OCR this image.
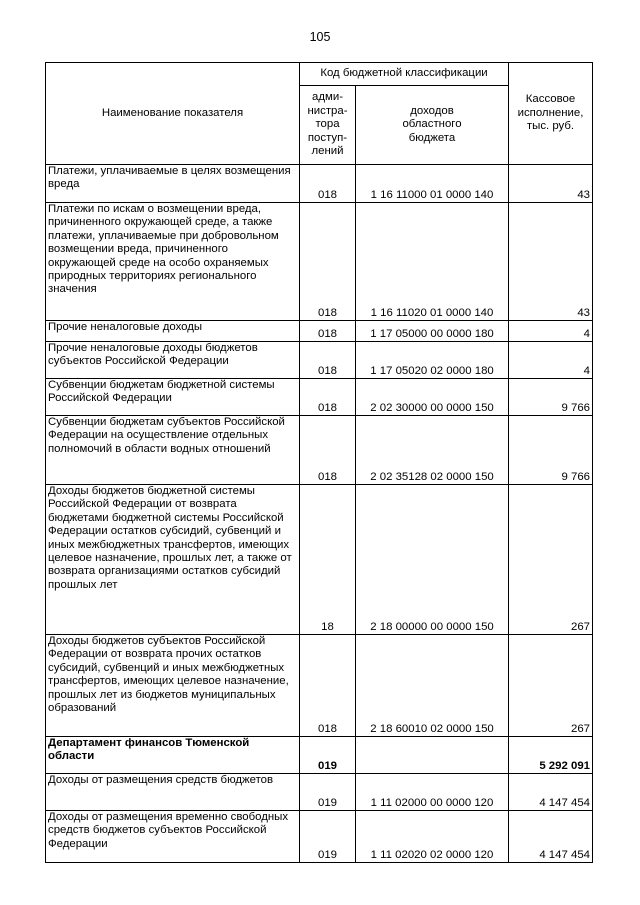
105
Наименование показателя	Код бюджетной классификации		Кассовое
исполнение,
тыс. руб.
	адми-
нистра-
тора
поступ-
лений	доходов
областного
бюджета	
Платежи, уплачиваемые в целях возмещения вреда	018	1 16 11000 01 0000 140	43
Платежи по искам о возмещении вреда, причиненного окружающей среде, а также платежи, уплачиваемые при добровольном возмещении вреда, причиненного окружающей среде на особо охраняемых природных территориях регионального значения	018	1 16 11020 01 0000 140	43
Прочие неналоговые доходы	018	1 17 05000 00 0000 180	4
Прочие неналоговые доходы бюджетов субъектов Российской Федерации	018	1 17 05020 02 0000 180	4
Субвенции бюджетам бюджетной системы Российской Федерации	018	2 02 30000 00 0000 150	9 766
Субвенции бюджетам субъектов Российской Федерации на осуществление отдельных полномочий в области водных отношений	018	2 02 35128 02 0000 150	9 766
Доходы бюджетов бюджетной системы Российской Федерации от возврата бюджетами бюджетной системы Российской Федерации остатков субсидий, субвенций и иных межбюджетных трансфертов, имеющих целевое назначение, прошлых лет, а также от возврата организациями остатков субсидий прошлых лет	18	2 18 00000 00 0000 150	267
Доходы бюджетов субъектов Российской Федерации от возврата прочих остатков субсидий, субвенций и иных межбюджетных трансфертов, имеющих целевое назначение, прошлых лет из бюджетов муниципальных образований	018	2 18 60010 02 0000 150	267
Департамент финансов Тюменской области	019		5 292 091
Доходы от размещения средств бюджетов	019	1 11 02000 00 0000 120	4 147 454
Доходы от размещения временно свободных средств бюджетов субъектов Российской Федерации	019	1 11 02020 02 0000 120	4 147 454
